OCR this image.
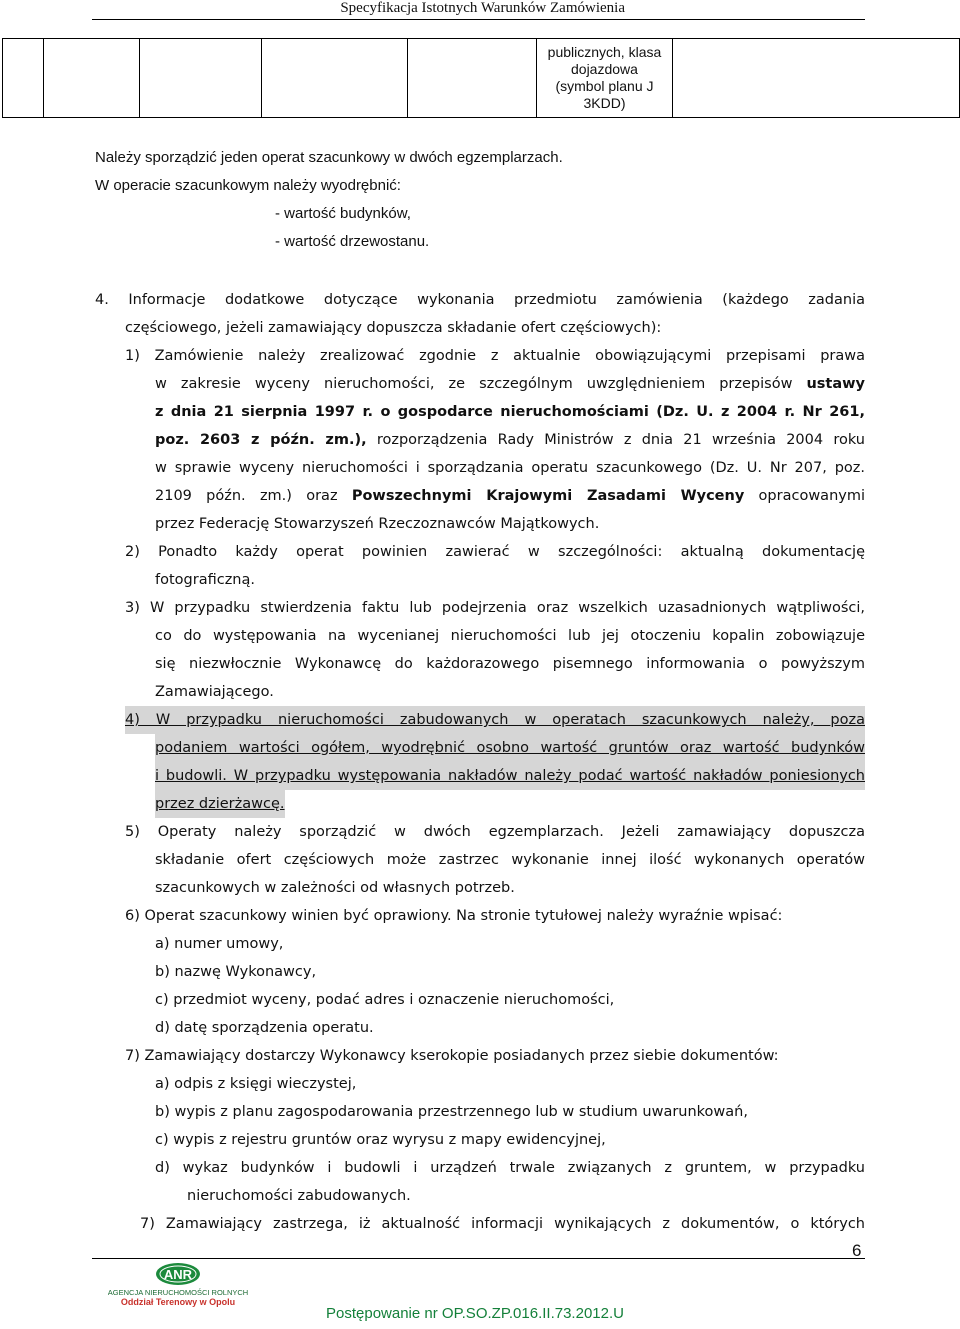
Specyfikacja Istotnych Warunków Zamówienia

publicznych, klasa
dojazdowa
(symbol planu J
3KDD)

Należy sporządzić jeden operat szacunkowy w dwóch egzemplarzach.
W operacie szacunkowym należy wyodrębnić:
- wartość budynków,
- wartość drzewostanu.
4. Informacje dodatkowe dotyczące wykonania przedmiotu zamówienia (każdego zadania
częściowego, jeżeli zamawiający dopuszcza składanie ofert częściowych):
1) Zamówienie należy zrealizować zgodnie z aktualnie obowiązującymi przepisami prawa
w zakresie wyceny nieruchomości, ze szczególnym uwzględnieniem przepisów ustawy
z dnia 21 sierpnia 1997 r. o gospodarce nieruchomościami (Dz. U. z 2004 r. Nr 261,
poz. 2603 z późn. zm.), rozporządzenia Rady Ministrów z dnia 21 września 2004 roku
w sprawie wyceny nieruchomości i sporządzania operatu szacunkowego (Dz. U. Nr 207, poz.
2109 późn. zm.) oraz Powszechnymi Krajowymi Zasadami Wyceny opracowanymi
przez Federację Stowarzyszeń Rzeczoznawców Majątkowych.
2) Ponadto każdy operat powinien zawierać w szczególności: aktualną dokumentację
fotograficzną.
3) W przypadku stwierdzenia faktu lub podejrzenia oraz wszelkich uzasadnionych wątpliwości,
co do występowania na wycenianej nieruchomości lub jej otoczeniu kopalin zobowiązuje
się niezwłocznie Wykonawcę do każdorazowego pisemnego informowania o powyższym
Zamawiającego.
4) W przypadku nieruchomości zabudowanych w operatach szacunkowych należy, poza
podaniem wartości ogółem, wyodrębnić osobno wartość gruntów oraz wartość budynków
i budowli. W przypadku występowania nakładów należy podać wartość nakładów poniesionych
przez dzierżawcę.
5) Operaty należy sporządzić w dwóch egzemplarzach. Jeżeli zamawiający dopuszcza
składanie ofert częściowych może zastrzec wykonanie innej ilość wykonanych operatów
szacunkowych w zależności od własnych potrzeb.
6) Operat szacunkowy winien być oprawiony. Na stronie tytułowej należy wyraźnie wpisać:
a) numer umowy,
b) nazwę Wykonawcy,
c) przedmiot wyceny, podać adres i oznaczenie nieruchomości,
d) datę sporządzenia operatu.
7) Zamawiający dostarczy Wykonawcy kserokopie posiadanych przez siebie dokumentów:
a) odpis z księgi wieczystej,
b) wypis z planu zagospodarowania przestrzennego lub w studium uwarunkowań,
c) wypis z rejestru gruntów oraz wyrysu z mapy ewidencyjnej,
d) wykaz budynków i budowli i urządzeń trwale związanych z gruntem, w przypadku
nieruchomości zabudowanych.
7) Zamawiający zastrzega, iż aktualność informacji wynikających z dokumentów, o których
6
ANR
AGENCJA NIERUCHOMOŚCI ROLNYCH
Oddział Terenowy w Opolu
Postępowanie nr OP.SO.ZP.016.II.73.2012.U
